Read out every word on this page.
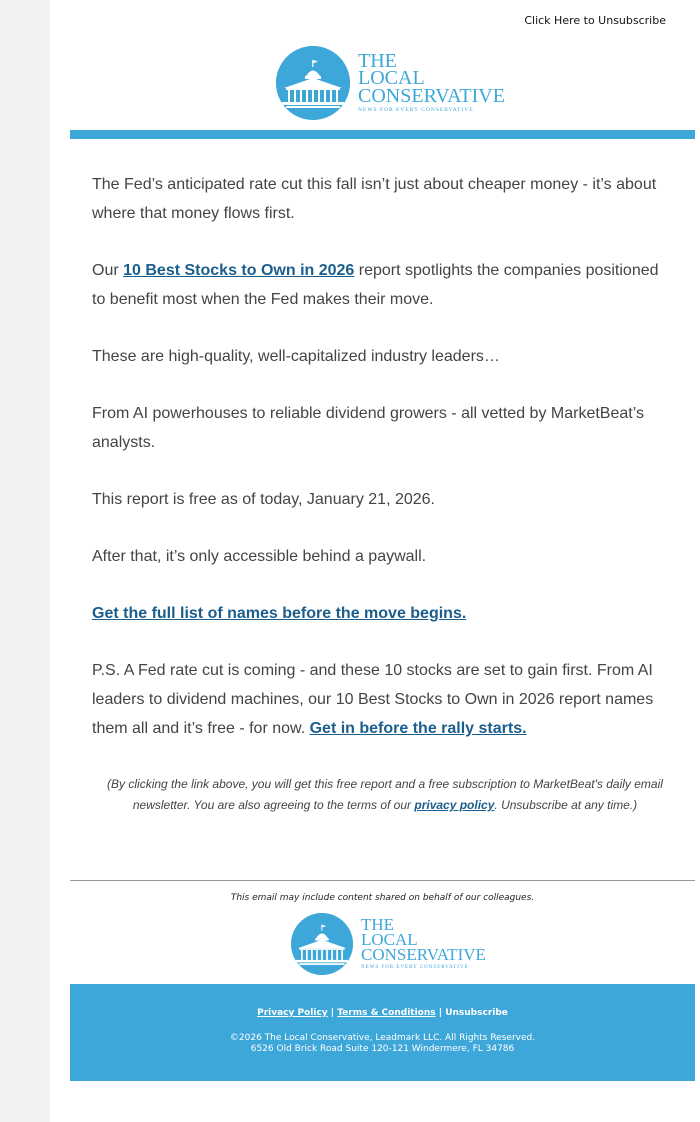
Click Here to Unsubscribe
THE
LOCAL
CONSERVATIVE
NEWS FOR EVERY CONSERVATIVE

The Fed’s anticipated rate cut this fall isn’t just about cheaper money - it’s about where that money flows first.

Our 10 Best Stocks to Own in 2026 report spotlights the companies positioned to benefit most when the Fed makes their move.

These are high-quality, well-capitalized industry leaders…

From AI powerhouses to reliable dividend growers - all vetted by MarketBeat’s analysts.

This report is free as of today, January 21, 2026.

After that, it’s only accessible behind a paywall.

Get the full list of names before the move begins.

P.S. A Fed rate cut is coming - and these 10 stocks are set to gain first. From AI leaders to dividend machines, our 10 Best Stocks to Own in 2026 report names them all and it’s free - for now. Get in before the rally starts.

(By clicking the link above, you will get this free report and a free subscription to MarketBeat's daily email newsletter. You are also agreeing to the terms of our privacy policy. Unsubscribe at any time.)
This email may include content shared on behalf of our colleagues.
THE
LOCAL
CONSERVATIVE
NEWS FOR EVERY CONSERVATIVE
Privacy Policy | Terms & Conditions | Unsubscribe
©2026 The Local Conservative, Leadmark LLC. All Rights Reserved.
6526 Old Brick Road Suite 120-121 Windermere, FL 34786
